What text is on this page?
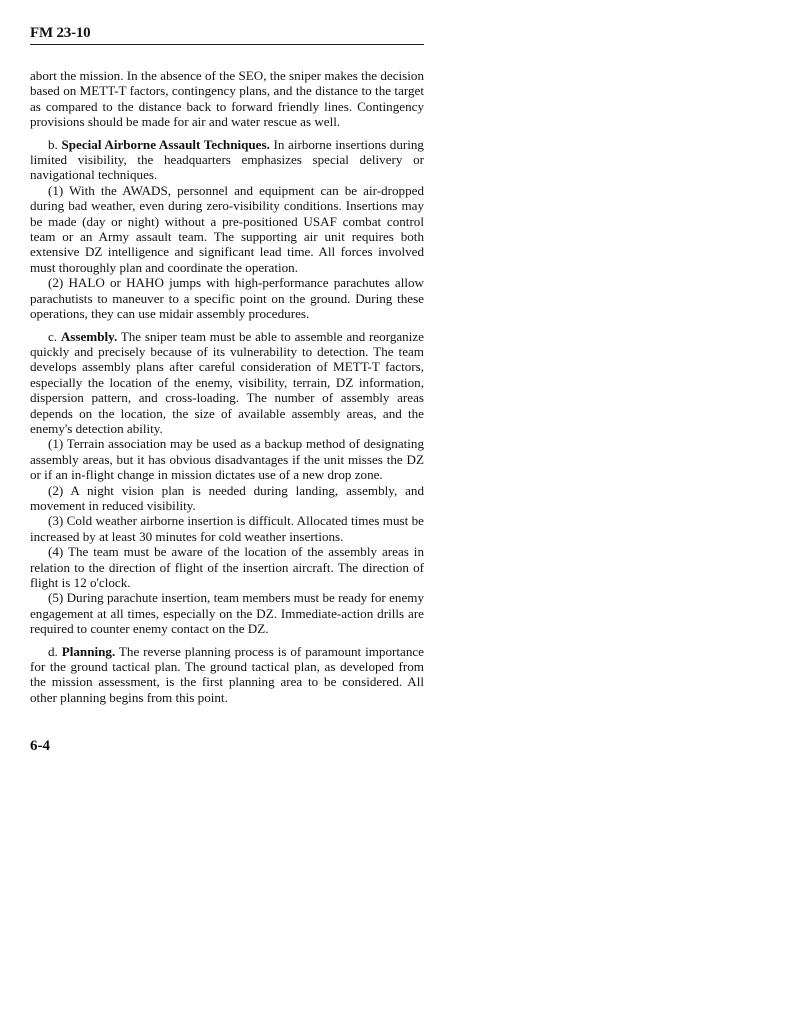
FM 23-10

abort the mission. In the absence of the SEO, the sniper makes the decision based on METT-T factors, contingency plans, and the distance to the target as compared to the distance back to forward friendly lines. Contingency provisions should be made for air and water rescue as well.

b. Special Airborne Assault Techniques. In airborne insertions during limited visibility, the headquarters emphasizes special delivery or navigational techniques.

(1) With the AWADS, personnel and equipment can be air-dropped during bad weather, even during zero-visibility conditions. Insertions may be made (day or night) without a pre-positioned USAF combat control team or an Army assault team. The supporting air unit requires both extensive DZ intelligence and significant lead time. All forces involved must thoroughly plan and coordinate the operation.

(2) HALO or HAHO jumps with high-performance parachutes allow parachutists to maneuver to a specific point on the ground. During these operations, they can use midair assembly procedures.

c. Assembly. The sniper team must be able to assemble and reorganize quickly and precisely because of its vulnerability to detection. The team develops assembly plans after careful consideration of METT-T factors, especially the location of the enemy, visibility, terrain, DZ information, dispersion pattern, and cross-loading. The number of assembly areas depends on the location, the size of available assembly areas, and the enemy's detection ability.

(1) Terrain association may be used as a backup method of designating assembly areas, but it has obvious disadvantages if the unit misses the DZ or if an in-flight change in mission dictates use of a new drop zone.

(2) A night vision plan is needed during landing, assembly, and movement in reduced visibility.

(3) Cold weather airborne insertion is difficult. Allocated times must be increased by at least 30 minutes for cold weather insertions.

(4) The team must be aware of the location of the assembly areas in relation to the direction of flight of the insertion aircraft. The direction of flight is 12 o'clock.

(5) During parachute insertion, team members must be ready for enemy engagement at all times, especially on the DZ. Immediate-action drills are required to counter enemy contact on the DZ.

d. Planning. The reverse planning process is of paramount importance for the ground tactical plan. The ground tactical plan, as developed from the mission assessment, is the first planning area to be considered. All other planning begins from this point.

6-4
